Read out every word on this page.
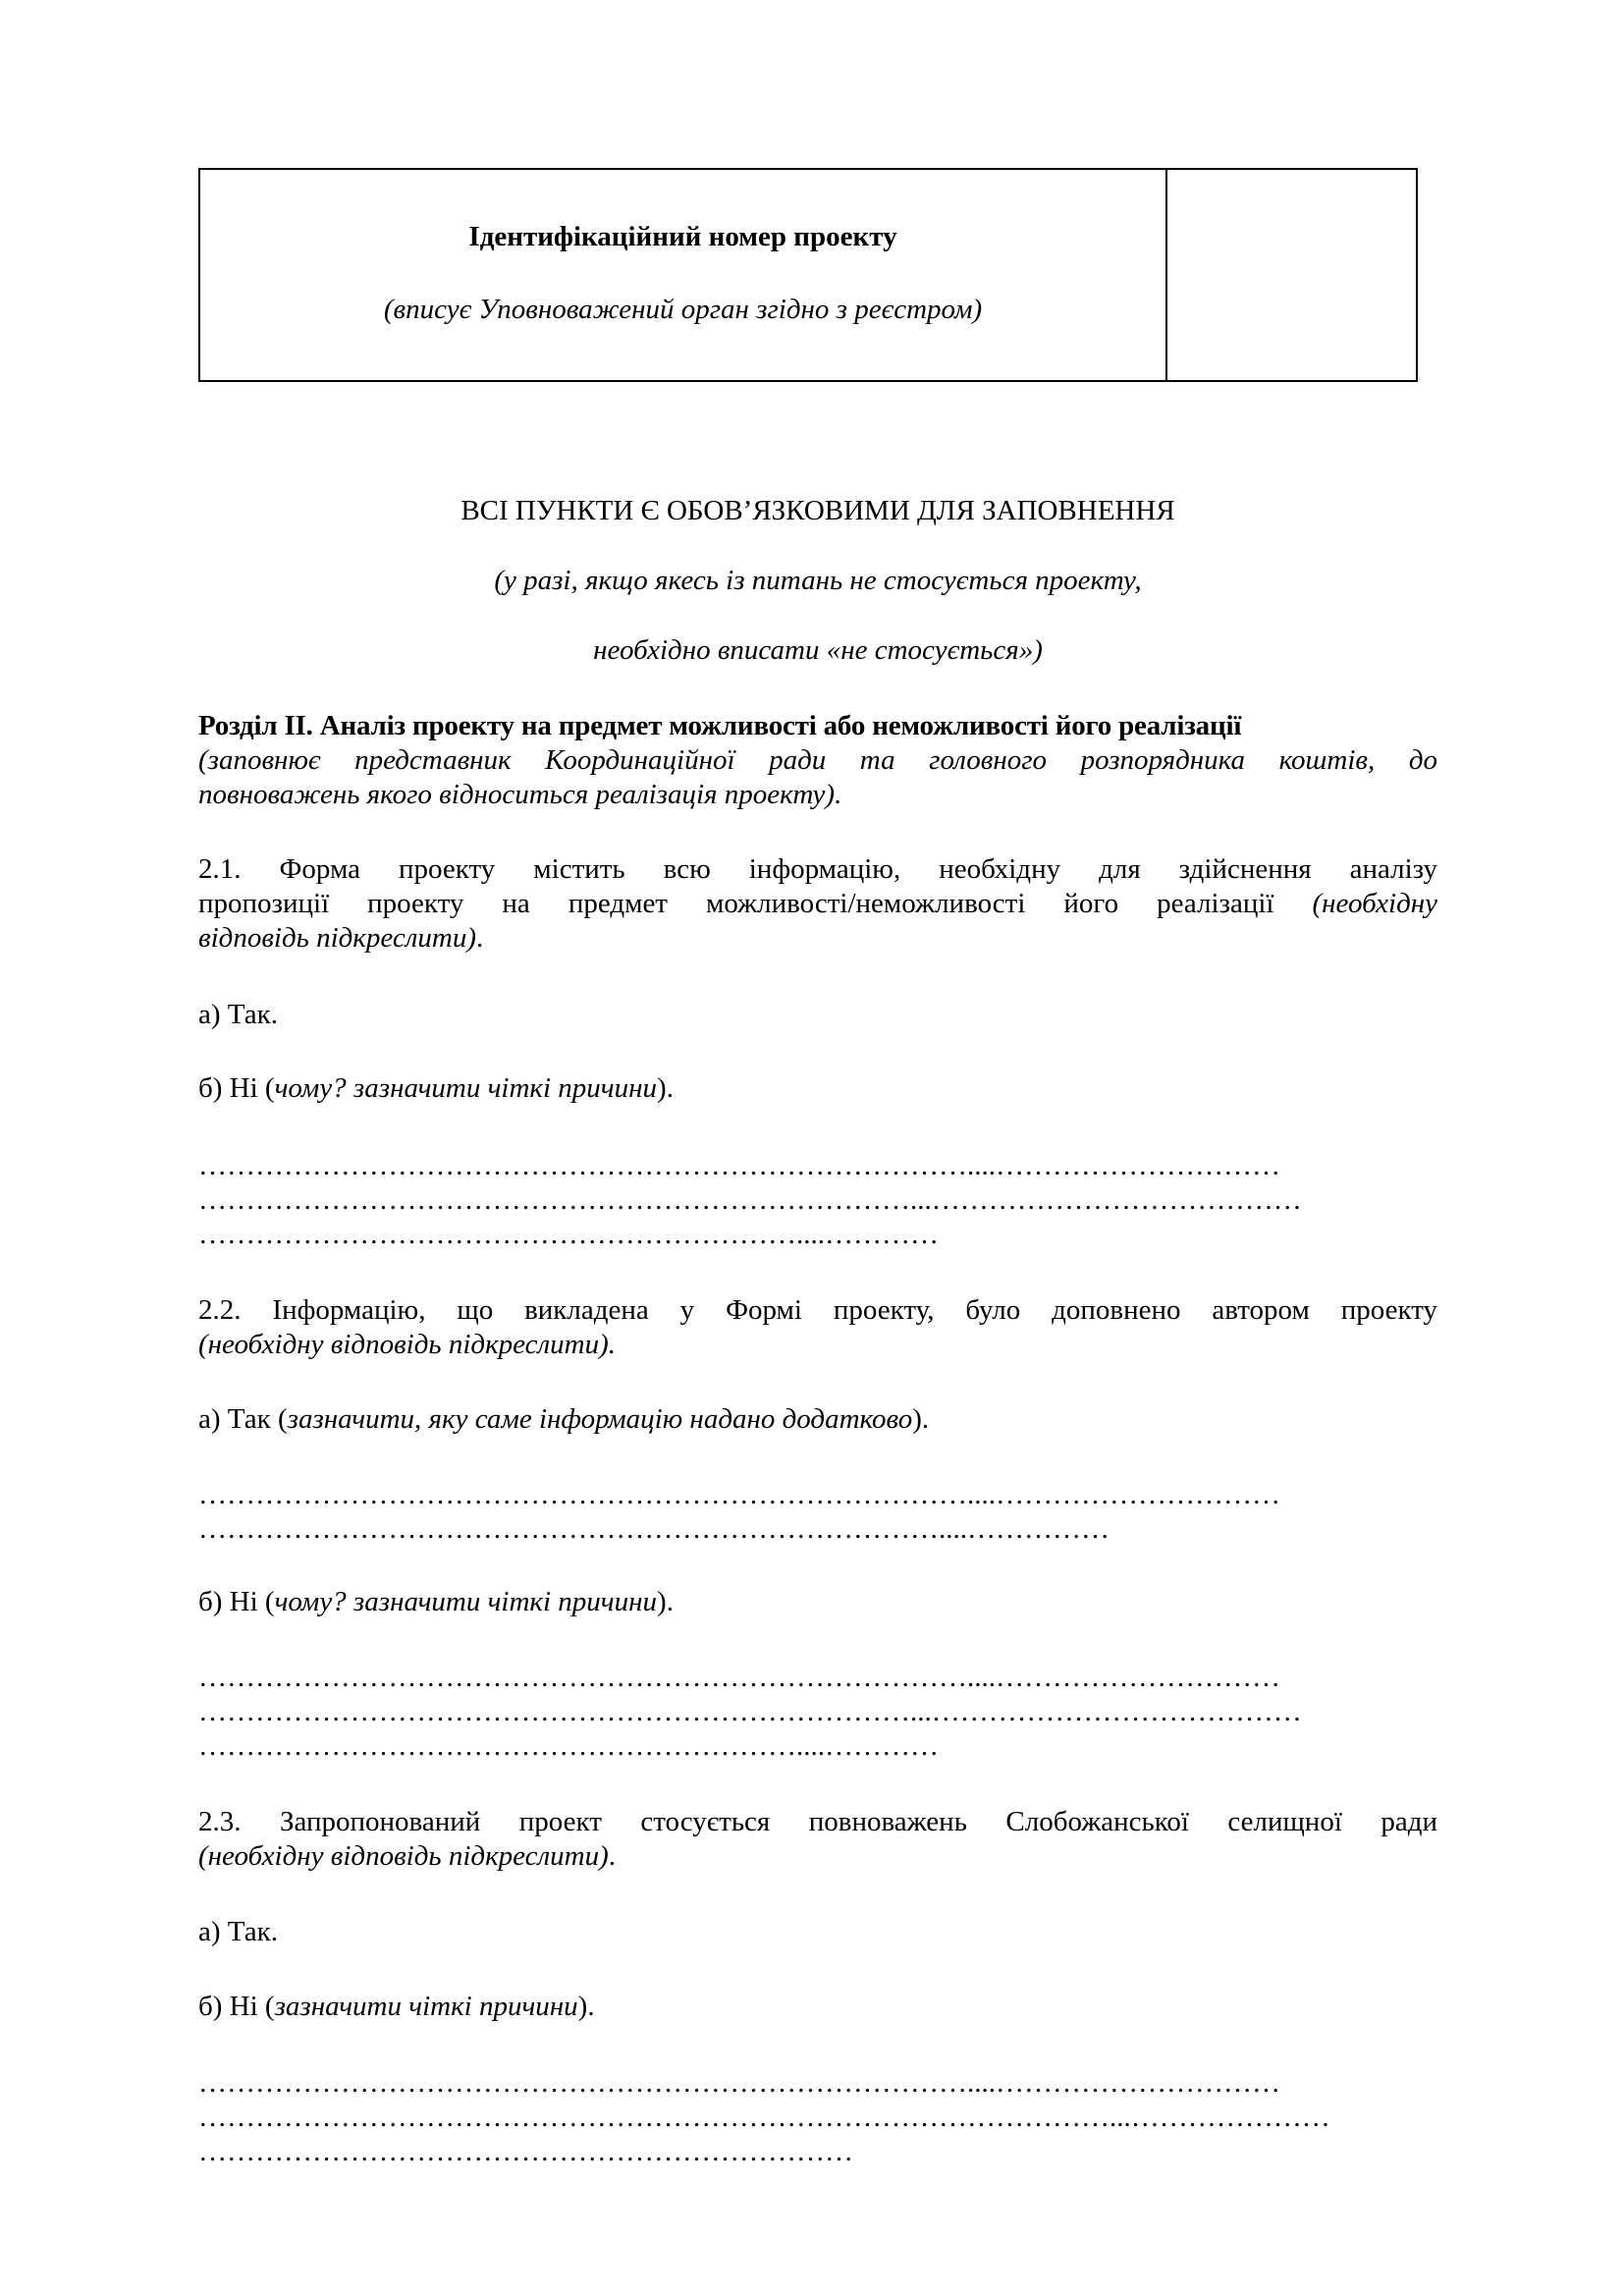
Ідентифікаційний номер проекту
(вписує Уповноважений орган згідно з реєстром)
ВСІ ПУНКТИ Є ОБОВ’ЯЗКОВИМИ ДЛЯ ЗАПОВНЕННЯ
(у разі, якщо якесь із питань не стосується проекту,
необхідно вписати «не стосується»)
Розділ ІІ. Аналіз проекту на предмет можливості або неможливості його реалізації
(заповнює представник Координаційної ради та головного розпорядника коштів, до
повноважень якого відноситься реалізація проекту).
2.1. Форма проекту містить всю інформацію, необхідну для здійснення аналізу
пропозиції проекту на предмет можливості/неможливості його реалізації (необхідну
відповідь підкреслити).
а) Так.
б) Ні (чому? зазначити чіткі причини).
………………………………………………………………………....…………………………
…………………………………………………………………...…………………………………
………………………………………………………....…………
2.2. Інформацію, що викладена у Формі проекту, було доповнено автором проекту
(необхідну відповідь підкреслити).
а) Так (зазначити, яку саме інформацію надано додатково).
………………………………………………………………………....…………………………
……………………………………………………………………....……………
б) Ні (чому? зазначити чіткі причини).
………………………………………………………………………....…………………………
…………………………………………………………………...…………………………………
………………………………………………………....…………
2.3. Запропонований проект стосується повноважень Слобожанської селищної ради
(необхідну відповідь підкреслити).
а) Так.
б) Ні (зазначити чіткі причини).
………………………………………………………………………....…………………………
……………………………………………………………………………………...…………………
……………………………………………………………
